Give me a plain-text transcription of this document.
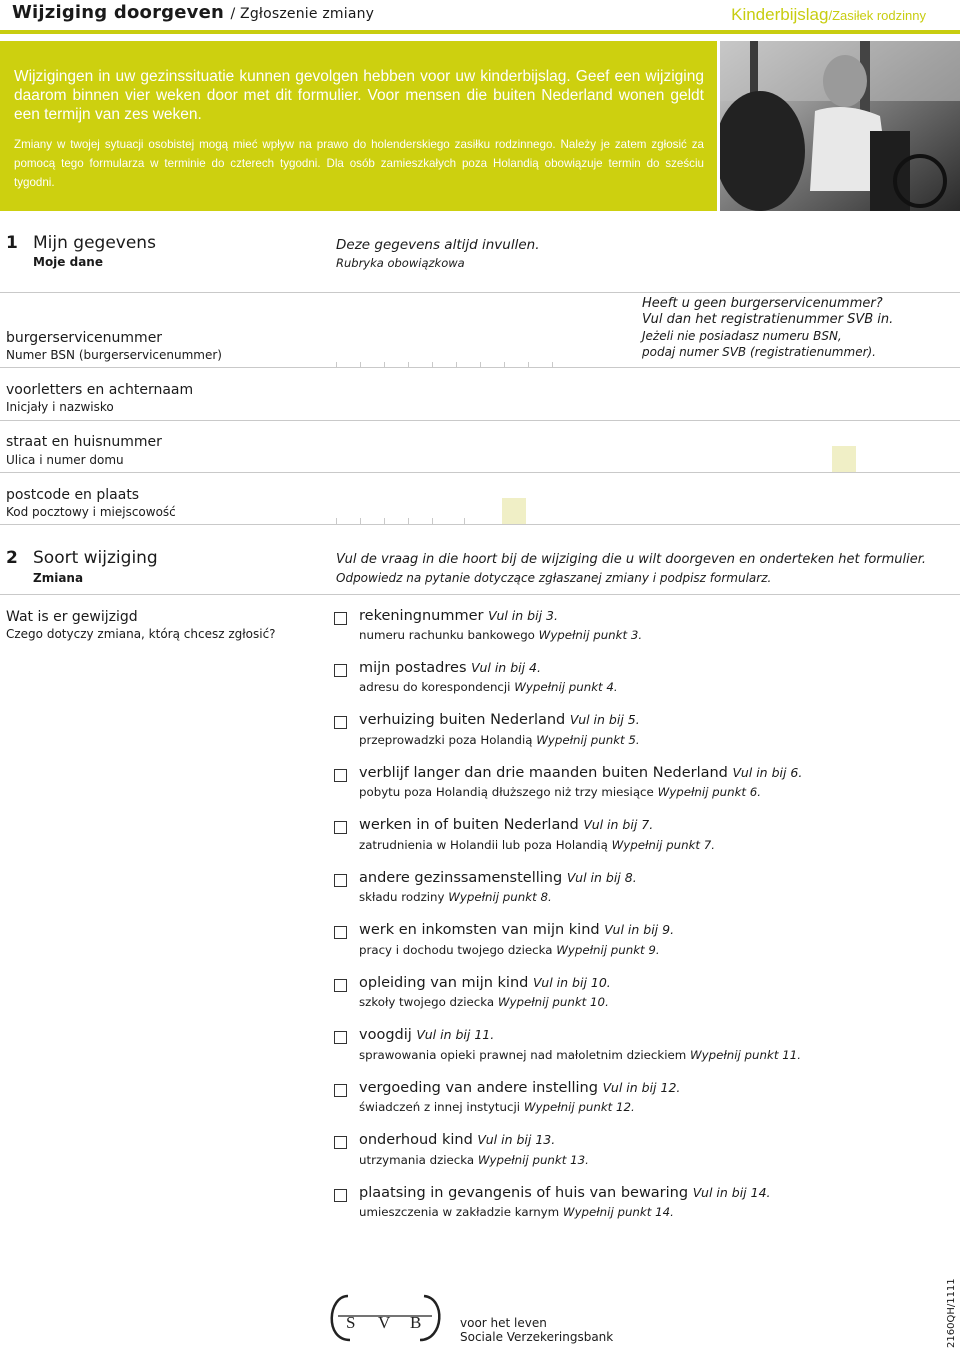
Wijziging doorgeven / Zgłoszenie zmiany	Kinderbijslag/Zasiłek rodzinny
Wijzigingen in uw gezinssituatie kunnen gevolgen hebben voor uw kinderbijslag. Geef een wijziging daarom binnen vier weken door met dit formulier. Voor mensen die buiten Nederland wonen geldt een termijn van zes weken.
Zmiany w twojej sytuacji osobistej mogą mieć wpływ na prawo do holenderskiego zasiłku rodzinnego. Należy je zatem zgłosić za pomocą tego formularza w terminie do czterech tygodni. Dla osób zamieszkałych poza Holandią obowiązuje termin do sześciu tygodni.
1 Mijn gegevens
Moje dane
Deze gegevens altijd invullen.
Rubryka obowiązkowa
Heeft u geen burgerservicenummer?
Vul dan het registratienummer SVB in.
Jeżeli nie posiadasz numeru BSN,
podaj numer SVB (registratienummer).
burgerservicenummer
Numer BSN (burgerservicenummer)
voorletters en achternaam
Inicjały i nazwisko
straat en huisnummer
Ulica i numer domu
postcode en plaats
Kod pocztowy i miejscowość
2 Soort wijziging
Zmiana
Vul de vraag in die hoort bij de wijziging die u wilt doorgeven en onderteken het formulier.
Odpowiedz na pytanie dotyczące zgłaszanej zmiany i podpisz formularz.
Wat is er gewijzigd
Czego dotyczy zmiana, którą chcesz zgłosić?
rekeningnummer Vul in bij 3.
numeru rachunku bankowego Wypełnij punkt 3.
mijn postadres Vul in bij 4.
adresu do korespondencji Wypełnij punkt 4.
verhuizing buiten Nederland Vul in bij 5.
przeprowadzki poza Holandią Wypełnij punkt 5.
verblijf langer dan drie maanden buiten Nederland Vul in bij 6.
pobytu poza Holandią dłuższego niż trzy miesiące Wypełnij punkt 6.
werken in of buiten Nederland Vul in bij 7.
zatrudnienia w Holandii lub poza Holandią Wypełnij punkt 7.
andere gezinssamenstelling Vul in bij 8.
składu rodziny Wypełnij punkt 8.
werk en inkomsten van mijn kind Vul in bij 9.
pracy i dochodu twojego dziecka Wypełnij punkt 9.
opleiding van mijn kind Vul in bij 10.
szkoły twojego dziecka Wypełnij punkt 10.
voogdij Vul in bij 11.
sprawowania opieki prawnej nad małoletnim dzieckiem Wypełnij punkt 11.
vergoeding van andere instelling Vul in bij 12.
świadczeń z innej instytucji Wypełnij punkt 12.
onderhoud kind Vul in bij 13.
utrzymania dziecka Wypełnij punkt 13.
plaatsing in gevangenis of huis van bewaring Vul in bij 14.
umieszczenia w zakładzie karnym Wypełnij punkt 14.
S V B	voor het leven
Sociale Verzekeringsbank	2160QH/1111
